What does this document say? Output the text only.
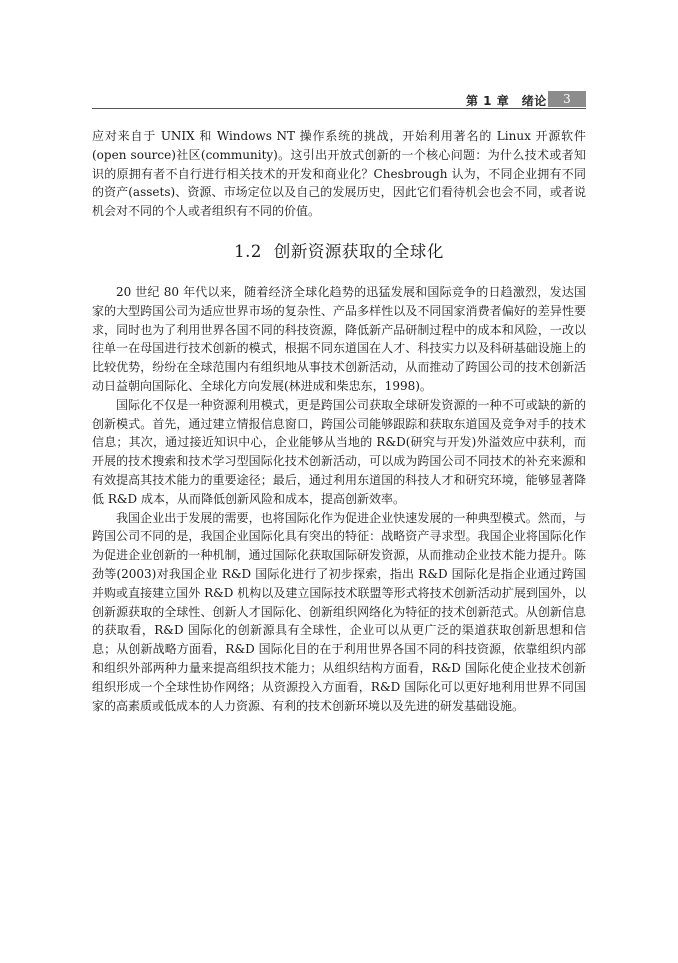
第 1 章　绪论	3

应对来自于 UNIX 和 Windows NT 操作系统的挑战，开始利用著名的 Linux 开源软件(open source)社区(community)。这引出开放式创新的一个核心问题：为什么技术或者知识的原拥有者不自行进行相关技术的开发和商业化？Chesbrough 认为，不同企业拥有不同的资产(assets)、资源、市场定位以及自己的发展历史，因此它们看待机会也会不同，或者说机会对不同的个人或者组织有不同的价值。

1.2 创新资源获取的全球化

20 世纪 80 年代以来，随着经济全球化趋势的迅猛发展和国际竞争的日趋激烈，发达国家的大型跨国公司为适应世界市场的复杂性、产品多样性以及不同国家消费者偏好的差异性要求，同时也为了利用世界各国不同的科技资源，降低新产品研制过程中的成本和风险，一改以往单一在母国进行技术创新的模式，根据不同东道国在人才、科技实力以及科研基础设施上的比较优势，纷纷在全球范围内有组织地从事技术创新活动，从而推动了跨国公司的技术创新活动日益朝向国际化、全球化方向发展(林进成和柴忠东，1998)。

国际化不仅是一种资源利用模式，更是跨国公司获取全球研发资源的一种不可或缺的新的创新模式。首先，通过建立情报信息窗口，跨国公司能够跟踪和获取东道国及竞争对手的技术信息；其次，通过接近知识中心，企业能够从当地的 R&D(研究与开发)外溢效应中获利，而开展的技术搜索和技术学习型国际化技术创新活动，可以成为跨国公司不同技术的补充来源和有效提高其技术能力的重要途径；最后，通过利用东道国的科技人才和研究环境，能够显著降低 R&D 成本，从而降低创新风险和成本，提高创新效率。

我国企业出于发展的需要，也将国际化作为促进企业快速发展的一种典型模式。然而，与跨国公司不同的是，我国企业国际化具有突出的特征：战略资产寻求型。我国企业将国际化作为促进企业创新的一种机制，通过国际化获取国际研发资源，从而推动企业技术能力提升。陈劲等(2003)对我国企业 R&D 国际化进行了初步探索，指出 R&D 国际化是指企业通过跨国并购或直接建立国外 R&D 机构以及建立国际技术联盟等形式将技术创新活动扩展到国外，以创新源获取的全球性、创新人才国际化、创新组织网络化为特征的技术创新范式。从创新信息的获取看，R&D 国际化的创新源具有全球性，企业可以从更广泛的渠道获取创新思想和信息；从创新战略方面看，R&D 国际化目的在于利用世界各国不同的科技资源，依靠组织内部和组织外部两种力量来提高组织技术能力；从组织结构方面看，R&D 国际化使企业技术创新组织形成一个全球性协作网络；从资源投入方面看，R&D 国际化可以更好地利用世界不同国家的高素质或低成本的人力资源、有利的技术创新环境以及先进的研发基础设施。
